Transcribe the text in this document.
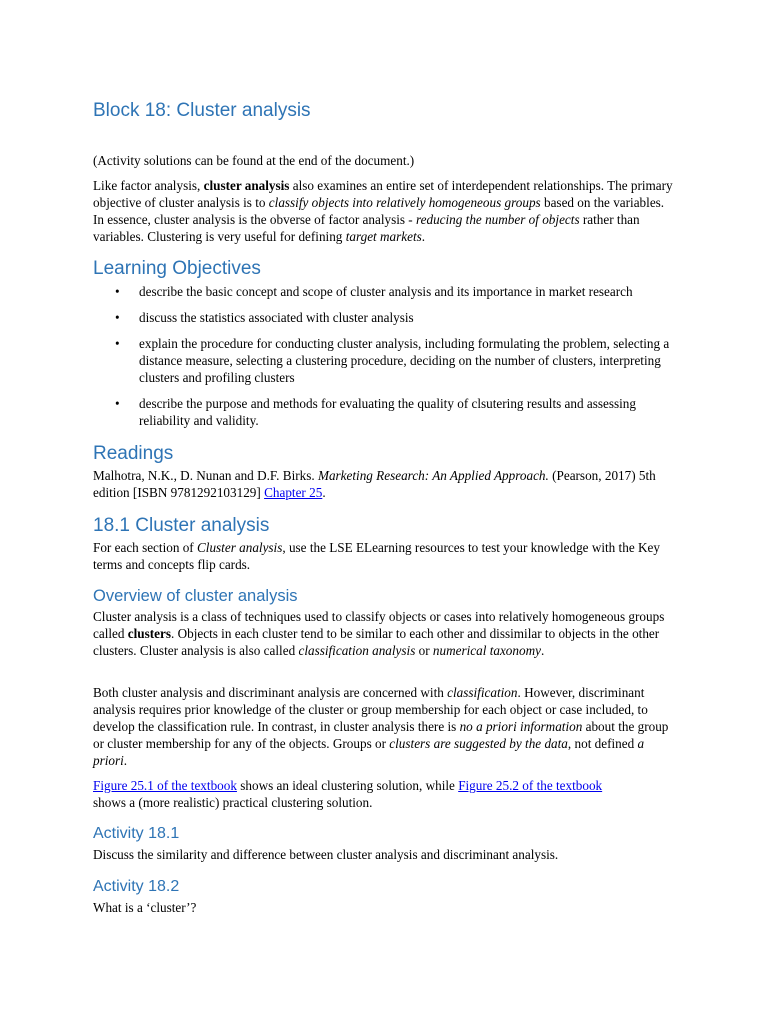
Block 18: Cluster analysis

(Activity solutions can be found at the end of the document.)

Like factor analysis, cluster analysis also examines an entire set of interdependent relationships. The primary objective of cluster analysis is to classify objects into relatively homogeneous groups based on the variables. In essence, cluster analysis is the obverse of factor analysis - reducing the number of objects rather than variables. Clustering is very useful for defining target markets.

Learning Objectives
• describe the basic concept and scope of cluster analysis and its importance in market research
• discuss the statistics associated with cluster analysis
• explain the procedure for conducting cluster analysis, including formulating the problem, selecting a distance measure, selecting a clustering procedure, deciding on the number of clusters, interpreting clusters and profiling clusters
• describe the purpose and methods for evaluating the quality of clsutering results and assessing reliability and validity.
Readings

Malhotra, N.K., D. Nunan and D.F. Birks. Marketing Research: An Applied Approach. (Pearson, 2017) 5th edition [ISBN 9781292103129] Chapter 25.

18.1 Cluster analysis

For each section of Cluster analysis, use the LSE ELearning resources to test your knowledge with the Key terms and concepts flip cards.

Overview of cluster analysis

Cluster analysis is a class of techniques used to classify objects or cases into relatively homogeneous groups called clusters. Objects in each cluster tend to be similar to each other and dissimilar to objects in the other clusters. Cluster analysis is also called classification analysis or numerical taxonomy.

Both cluster analysis and discriminant analysis are concerned with classification. However, discriminant analysis requires prior knowledge of the cluster or group membership for each object or case included, to develop the classification rule. In contrast, in cluster analysis there is no a priori information about the group or cluster membership for any of the objects. Groups or clusters are suggested by the data, not defined a priori.

Figure 25.1 of the textbook shows an ideal clustering solution, while Figure 25.2 of the textbook shows a (more realistic) practical clustering solution.

Activity 18.1

Discuss the similarity and difference between cluster analysis and discriminant analysis.

Activity 18.2

What is a ‘cluster’?
